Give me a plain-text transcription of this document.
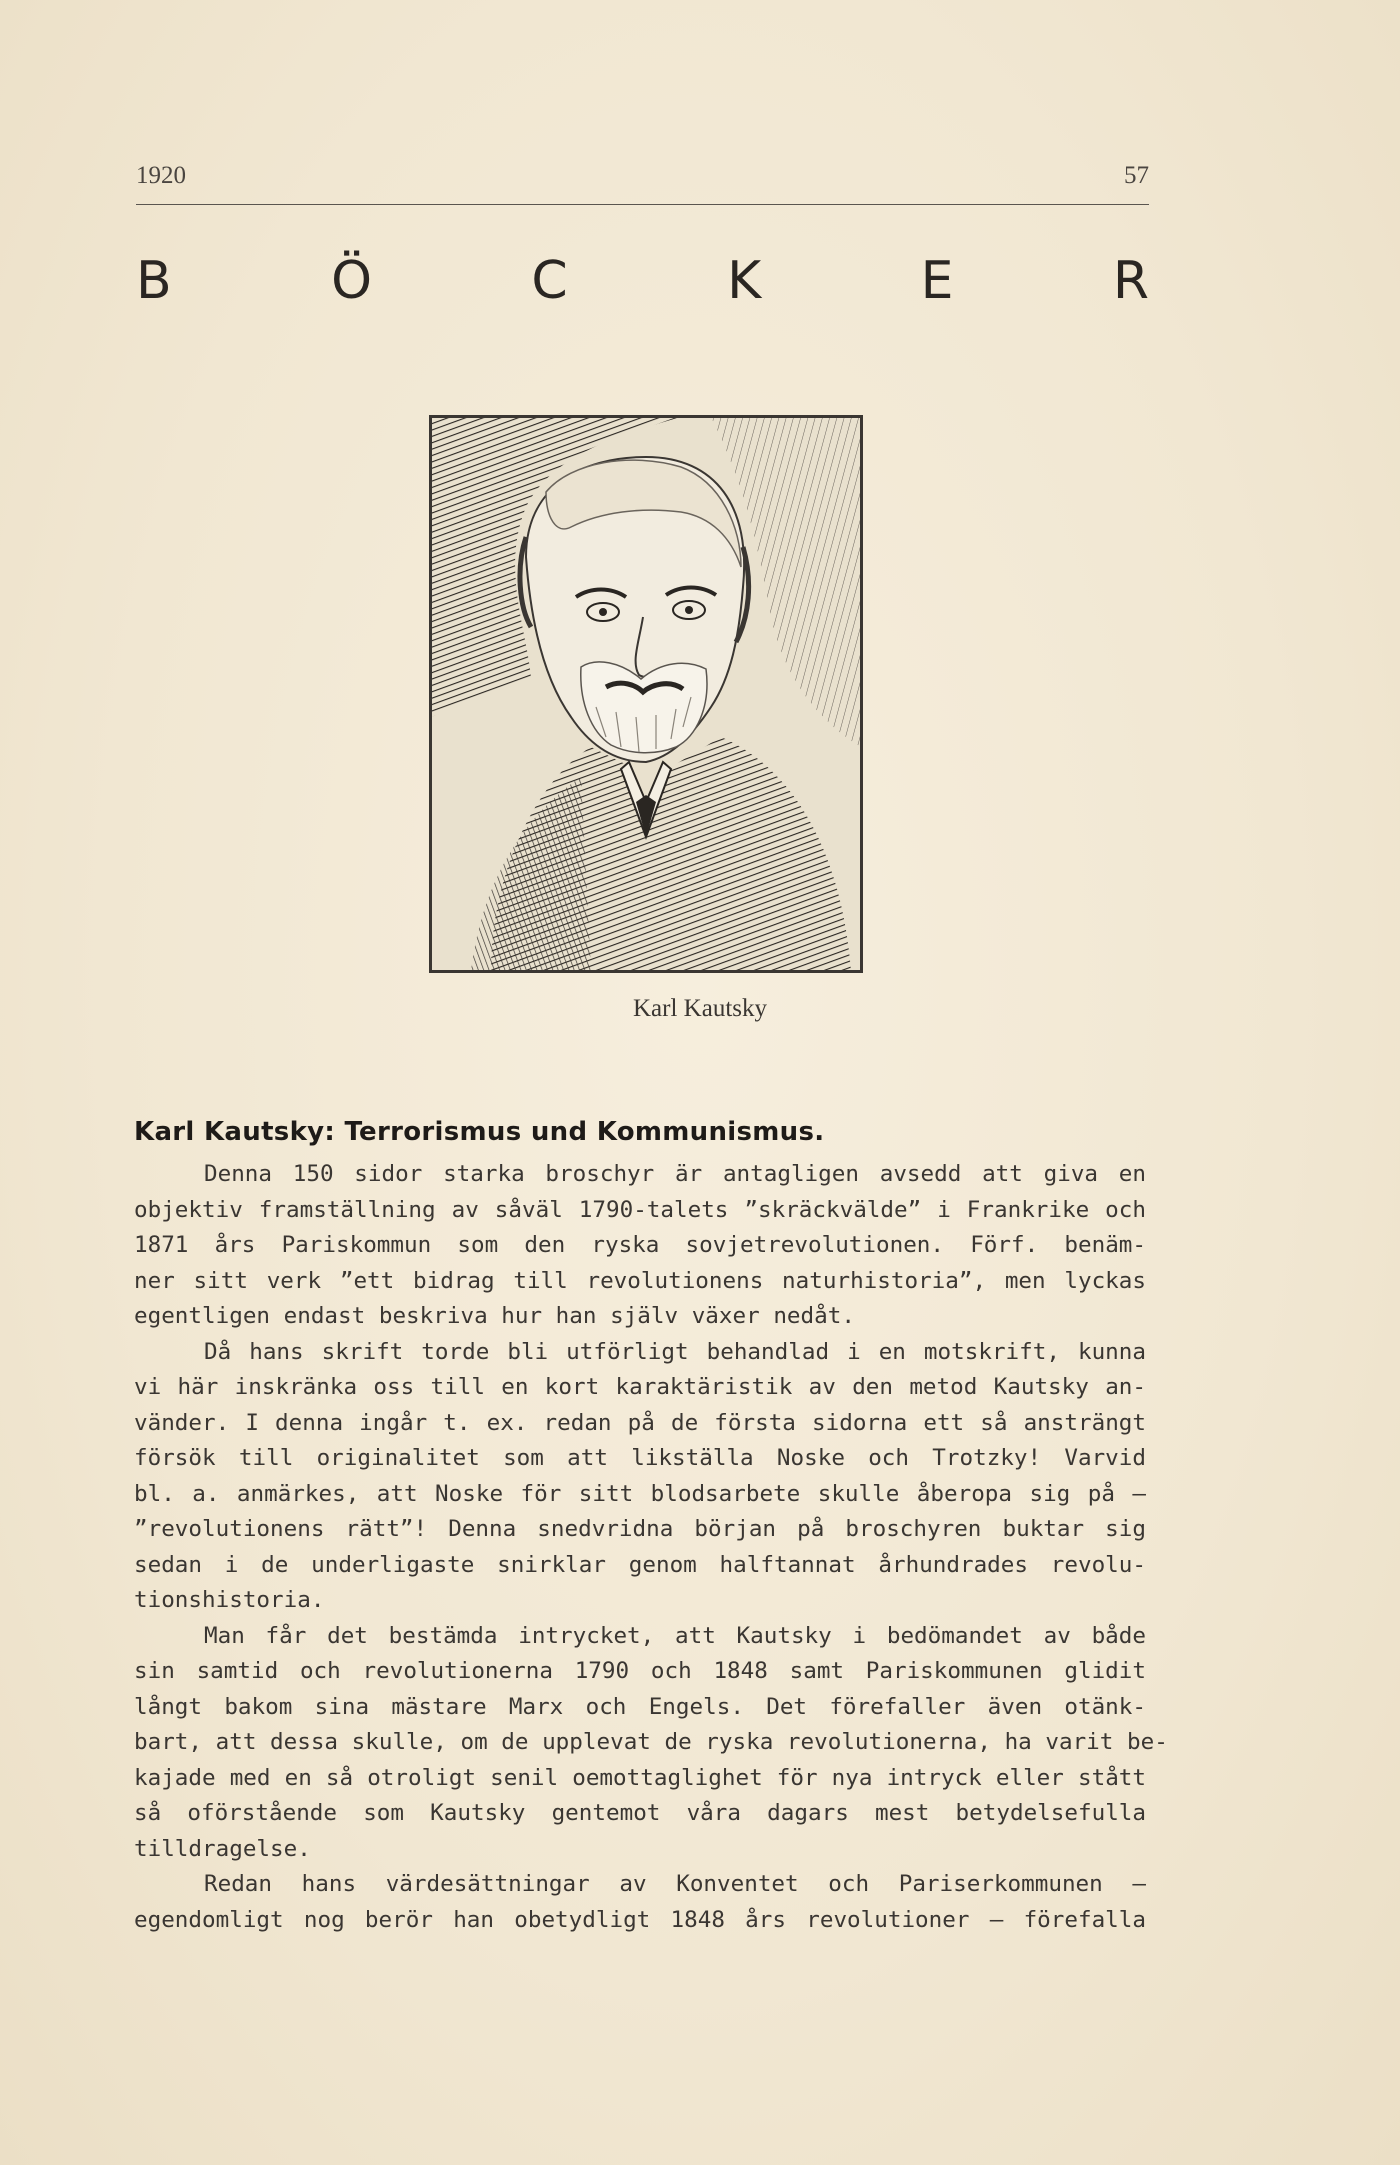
1920	57
B	Ö	C	K	E	R
Karl Kautsky
Karl Kautsky: Terrorismus und Kommunismus.
Denna 150 sidor starka broschyr är antagligen avsedd att giva en
objektiv framställning av såväl 1790-talets ”skräckvälde” i Frankrike och
1871 års Pariskommun som den ryska sovjetrevolutionen. Förf. benäm-
ner sitt verk ”ett bidrag till revolutionens naturhistoria”, men lyckas
egentligen endast beskriva hur han själv växer nedåt.
Då hans skrift torde bli utförligt behandlad i en motskrift, kunna
vi här inskränka oss till en kort karaktäristik av den metod Kautsky an-
vänder. I denna ingår t. ex. redan på de första sidorna ett så ansträngt
försök till originalitet som att likställa Noske och Trotzky! Varvid
bl. a. anmärkes, att Noske för sitt blodsarbete skulle åberopa sig på —
”revolutionens rätt”! Denna snedvridna början på broschyren buktar sig
sedan i de underligaste snirklar genom halftannat århundrades revolu-
tionshistoria.
Man får det bestämda intrycket, att Kautsky i bedömandet av både
sin samtid och revolutionerna 1790 och 1848 samt Pariskommunen glidit
långt bakom sina mästare Marx och Engels. Det förefaller även otänk-
bart, att dessa skulle, om de upplevat de ryska revolutionerna, ha varit be-
kajade med en så otroligt senil oemottaglighet för nya intryck eller stått
så oförstående som Kautsky gentemot våra dagars mest betydelsefulla
tilldragelse.
Redan hans värdesättningar av Konventet och Pariserkommunen —
egendomligt nog berör han obetydligt 1848 års revolutioner — förefalla
